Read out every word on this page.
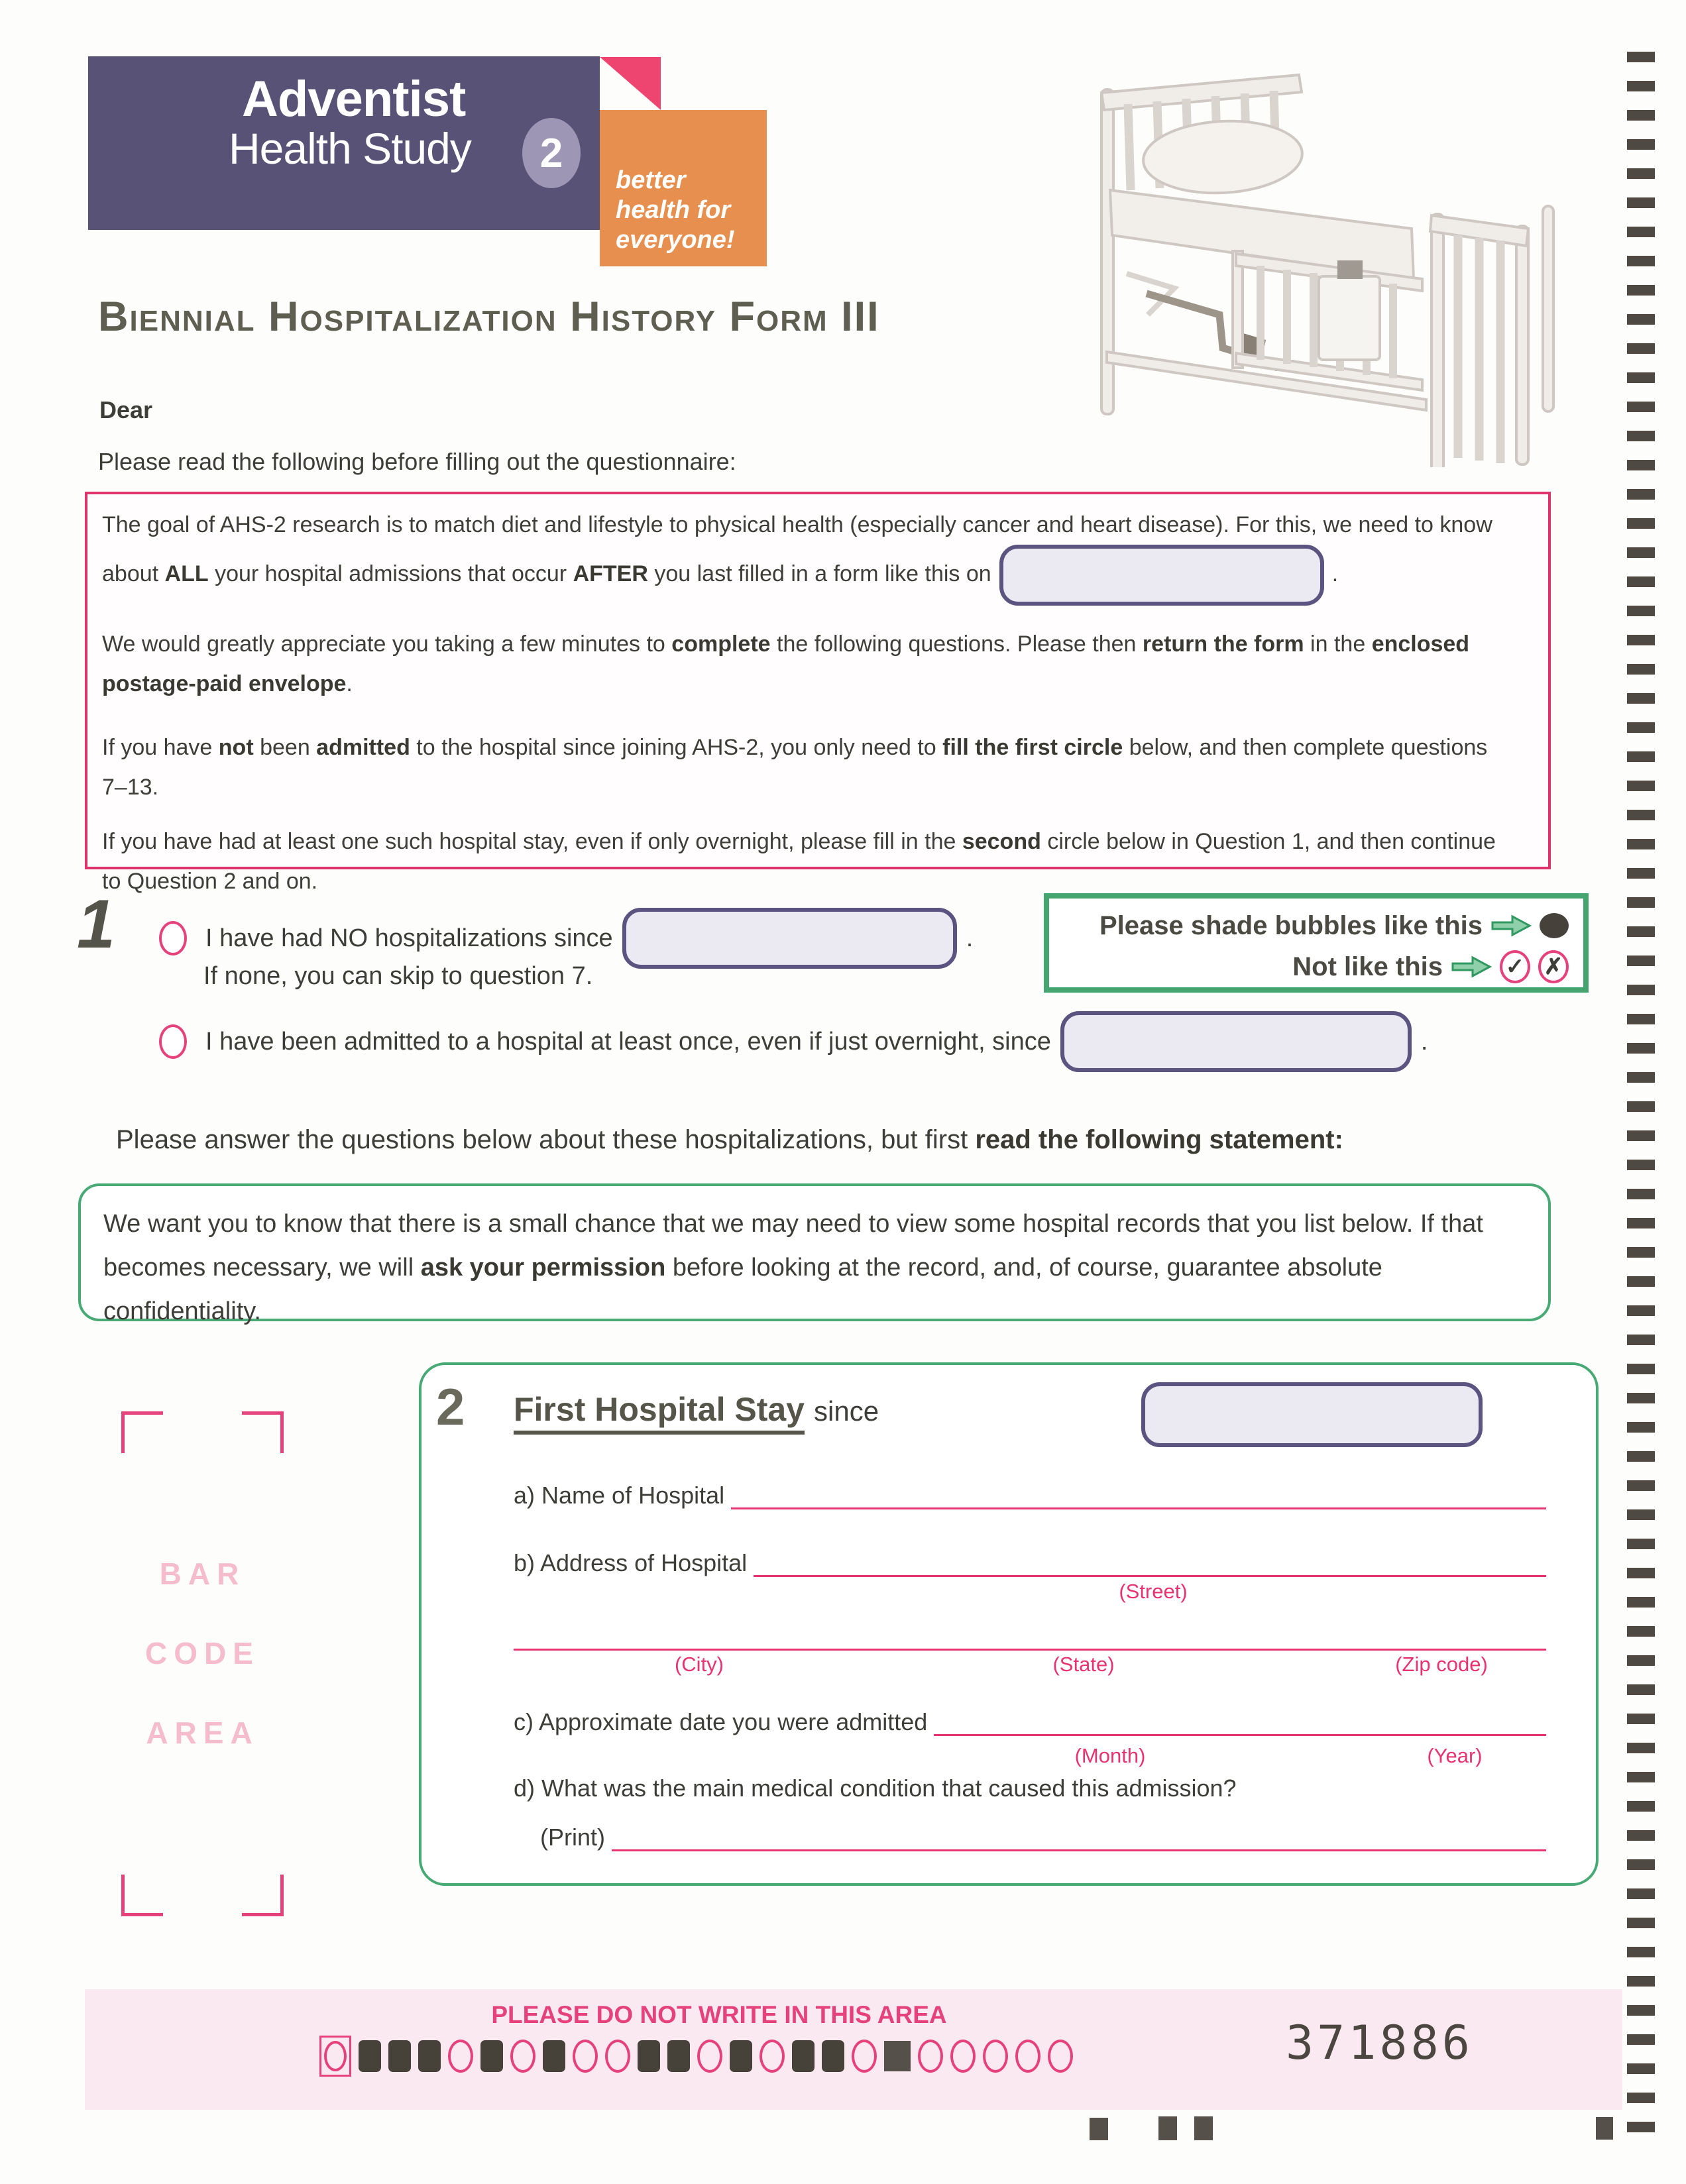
Adventist
Health Study	2
better
health for
everyone!
Biennial Hospitalization History Form III
Dear
Please read the following before filling out the questionnaire:

The goal of AHS-2 research is to match diet and lifestyle to physical health (especially cancer and heart disease). For this, we need to know about ALL your hospital admissions that occur AFTER you last filled in a form like this on	.

We would greatly appreciate you taking a few minutes to complete the following questions. Please then return the form in the enclosed postage-paid envelope.

If you have not been admitted to the hospital since joining AHS-2, you only need to fill the first circle below, and then complete questions 7–13.

If you have had at least one such hospital stay, even if only overnight, please fill in the second circle below in Question 1, and then continue to Question 2 and on.

1	I have had NO hospitalizations since	.
If none, you can skip to question 7.
I have been admitted to a hospital at least once, even if just overnight, since	.
Please shade bubbles like this
Not like this	✓ ✗
Please answer the questions below about these hospitalizations, but first read the following statement:

We want you to know that there is a small chance that we may need to view some hospital records that you list below. If that becomes necessary, we will ask your permission before looking at the record, and, of course, guarantee absolute confidentiality.

BAR
CODE
AREA
2 First Hospital Stay since
a) Name of Hospital
b) Address of Hospital
(Street)
(City)	(State)	(Zip code)
c) Approximate date you were admitted
(Month)	(Year)
d) What was the main medical condition that caused this admission?
(Print)
PLEASE DO NOT WRITE IN THIS AREA
371886
